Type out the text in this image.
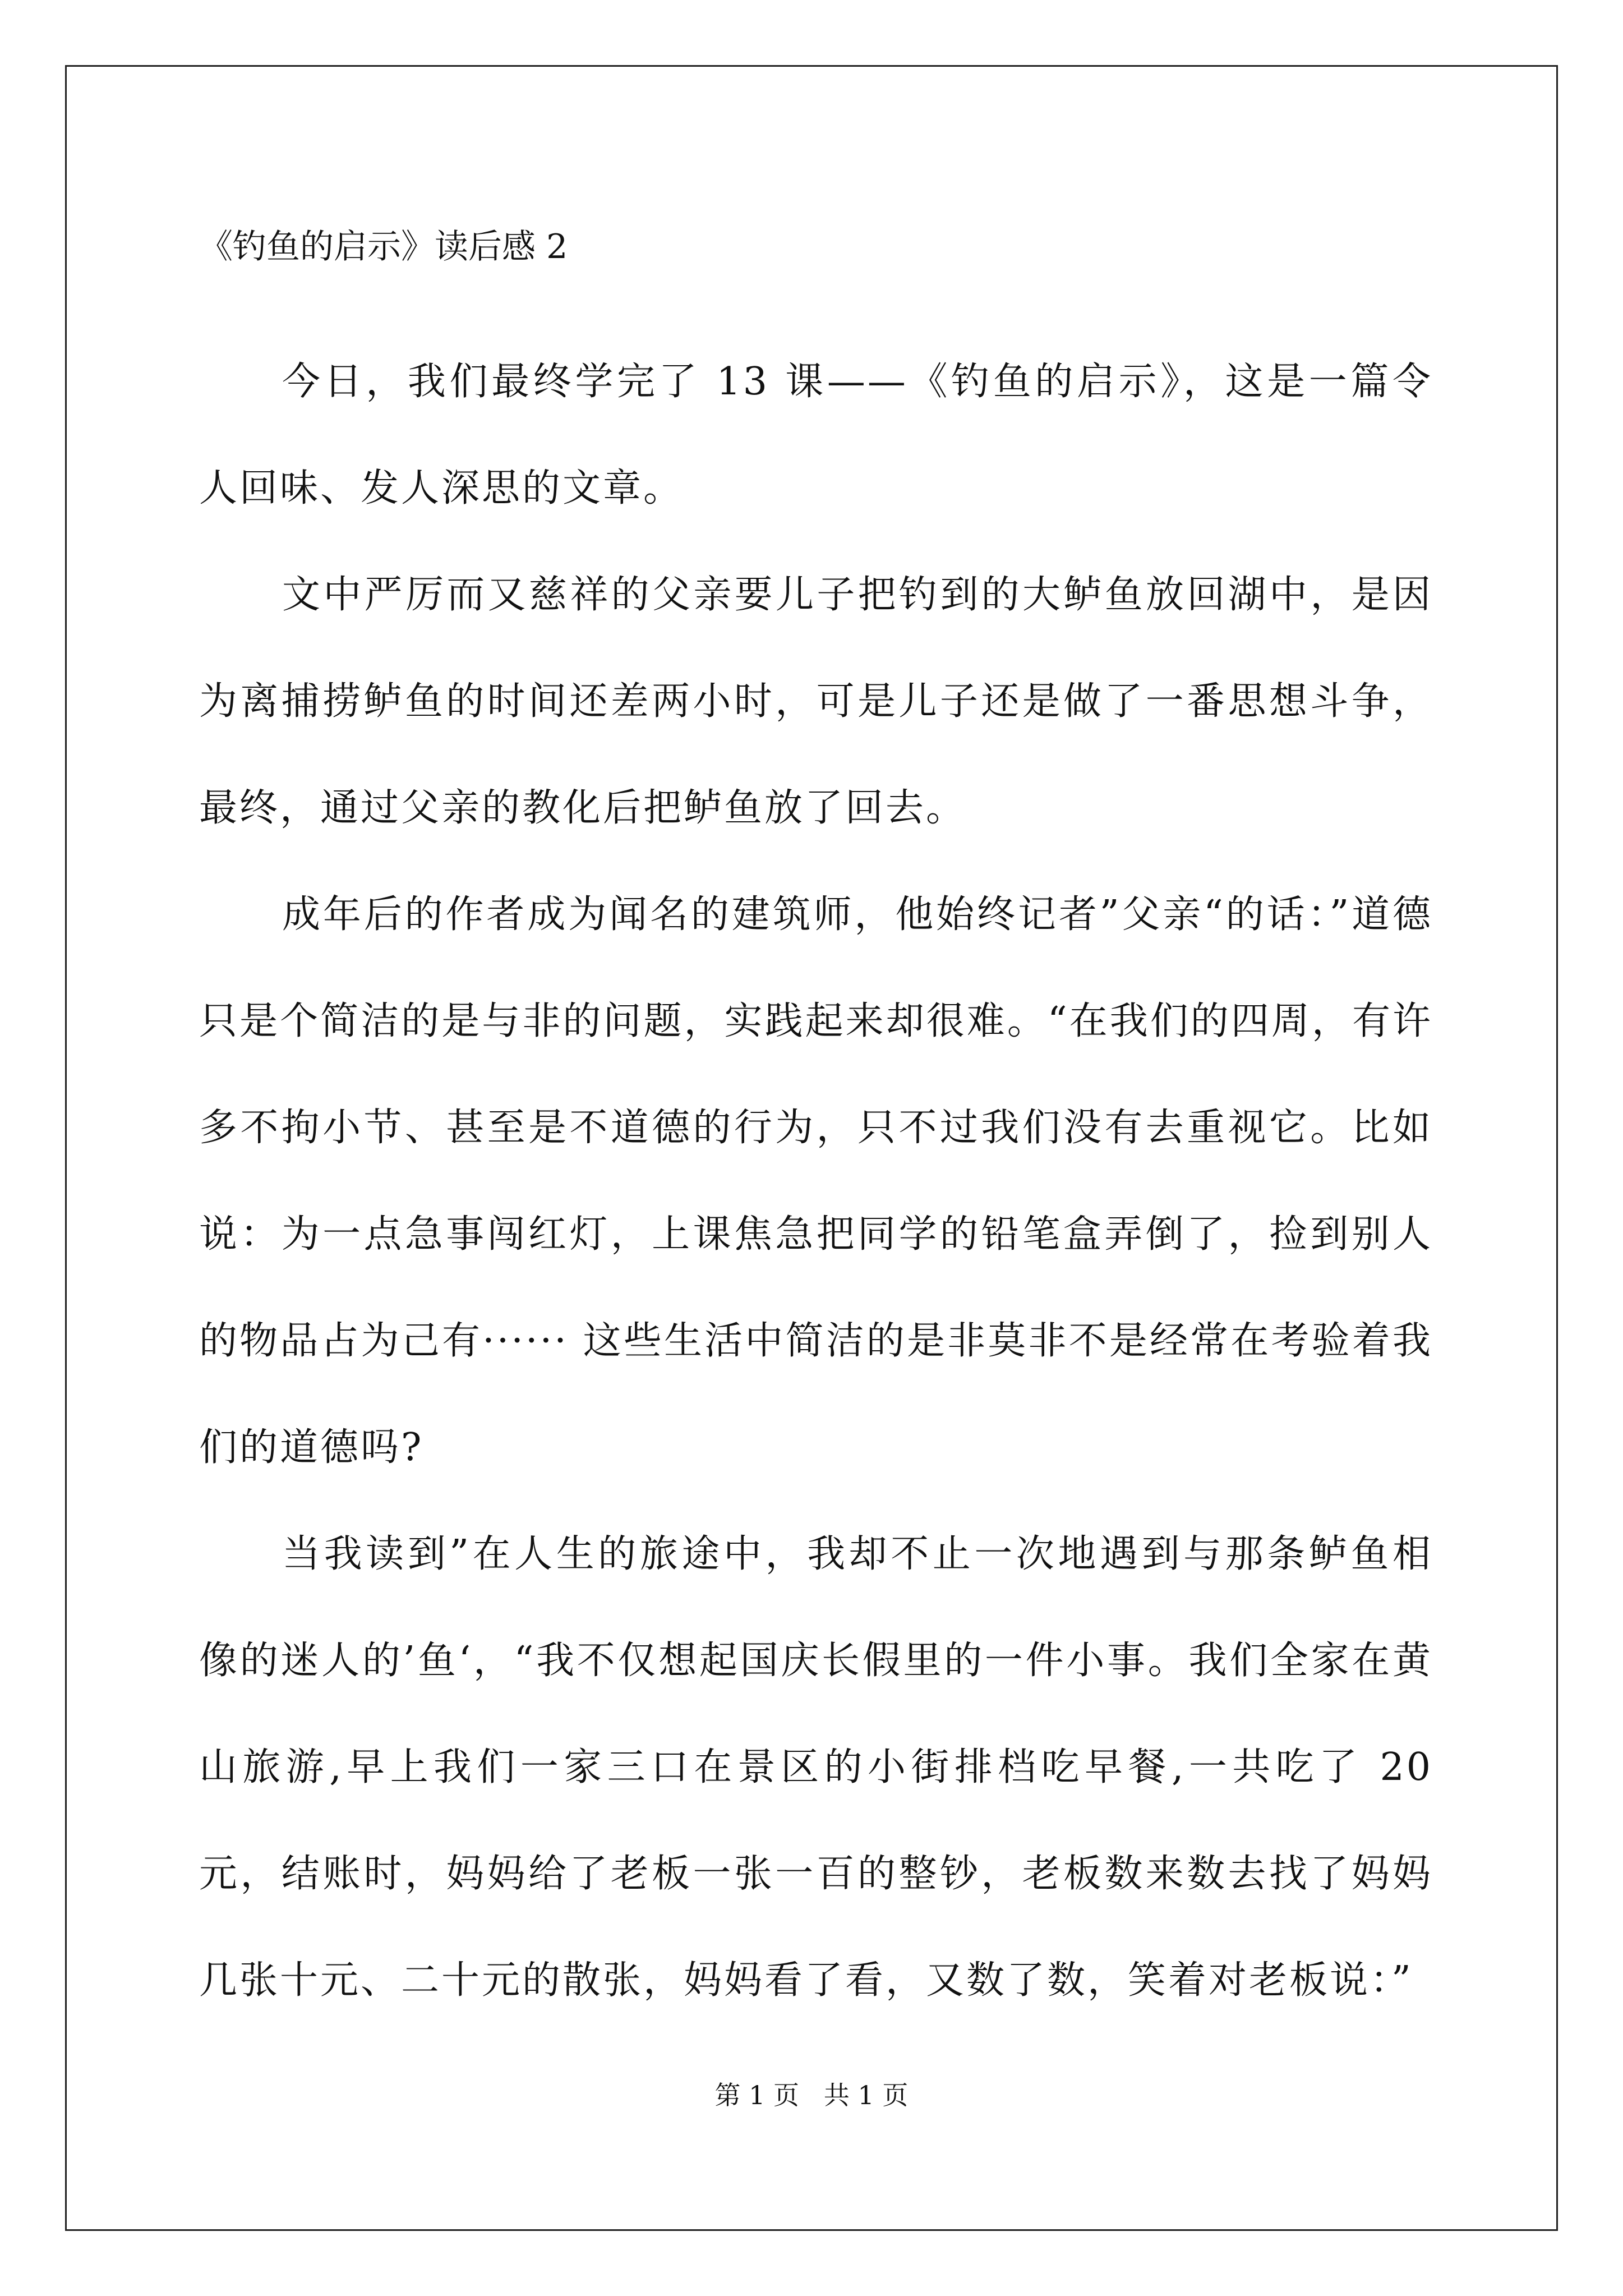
《钓鱼的启示》读后感 2

今日，我们最终学完了 13 课——《钓鱼的启示》，这是一篇令人回味、发人深思的文章。

文中严厉而又慈祥的父亲要儿子把钓到的大鲈鱼放回湖中，是因为离捕捞鲈鱼的时间还差两小时，可是儿子还是做了一番思想斗争，最终，通过父亲的教化后把鲈鱼放了回去。

成年后的作者成为闻名的建筑师，他始终记者”父亲“的话：”道德只是个简洁的是与非的问题，实践起来却很难。“在我们的四周，有许多不拘小节、甚至是不道德的行为，只不过我们没有去重视它。比如说：为一点急事闯红灯，上课焦急把同学的铅笔盒弄倒了，捡到别人的物品占为己有······ 这些生活中简洁的是非莫非不是经常在考验着我们的道德吗?

当我读到”在人生的旅途中，我却不止一次地遇到与那条鲈鱼相像的迷人的’鱼‘，“我不仅想起国庆长假里的一件小事。我们全家在黄山旅游,早上我们一家三口在景区的小街排档吃早餐,一共吃了 20 元，结账时，妈妈给了老板一张一百的整钞，老板数来数去找了妈妈几张十元、二十元的散张，妈妈看了看，又数了数，笑着对老板说：”

第 1 页   共 1 页
